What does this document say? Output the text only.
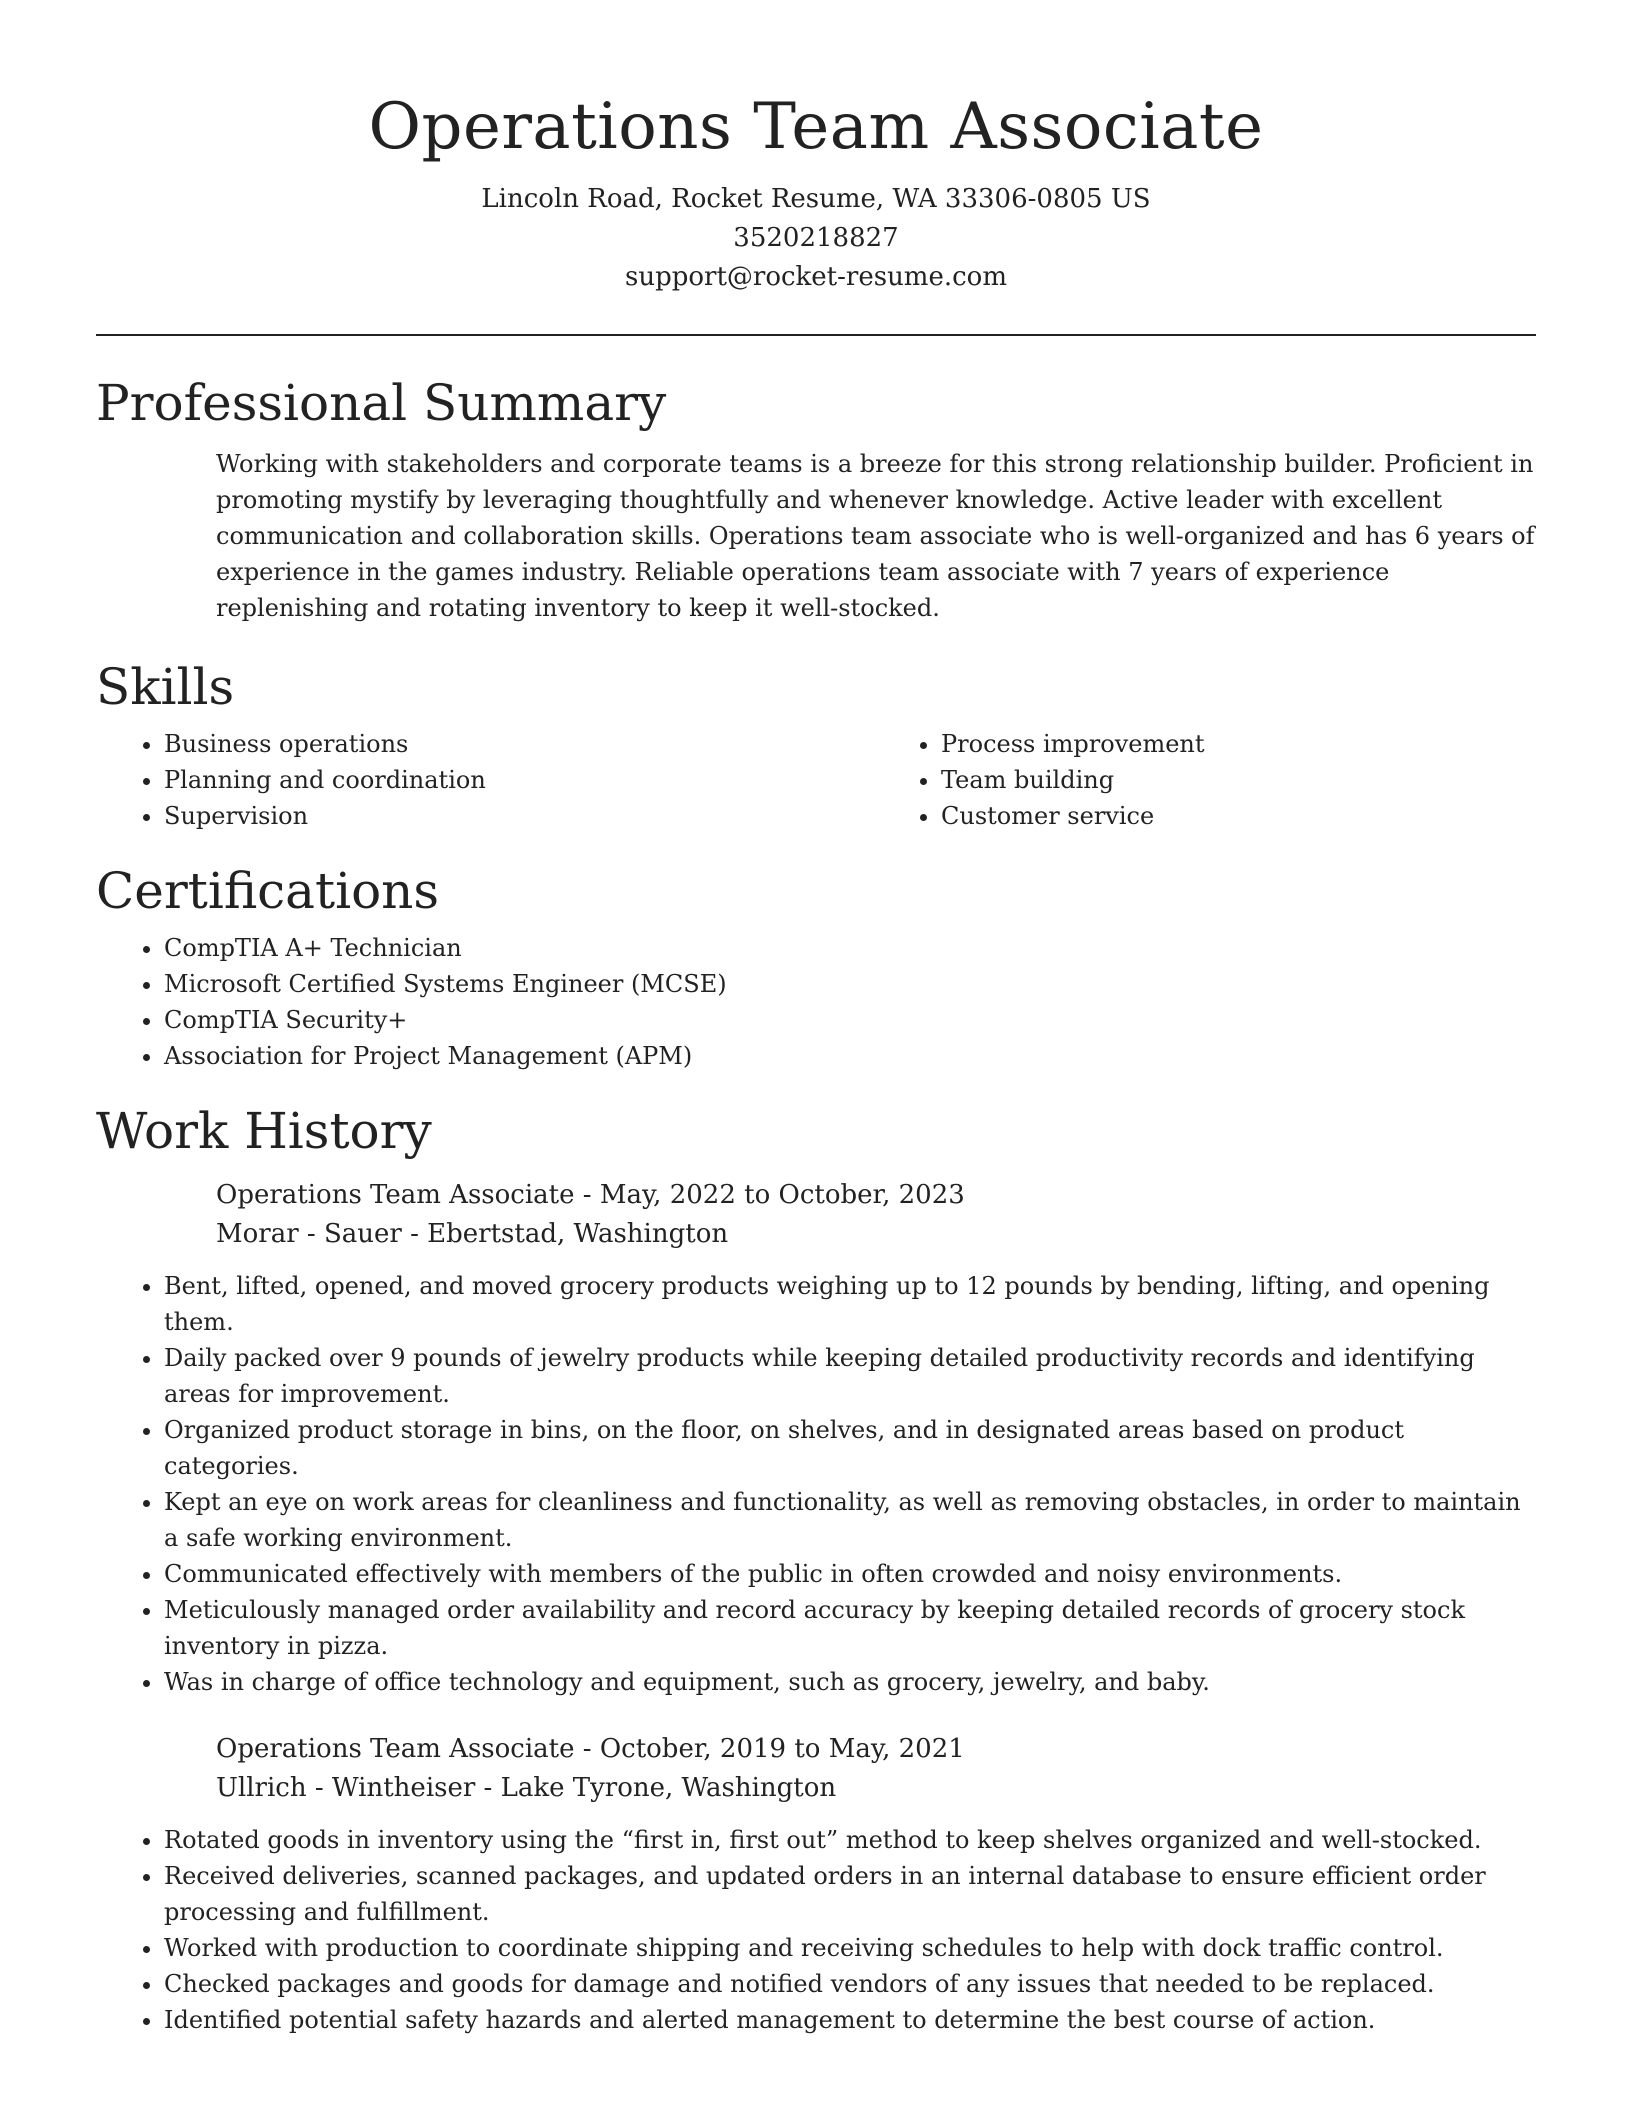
Operations Team Associate
Lincoln Road, Rocket Resume, WA 33306-0805 US
3520218827
support@rocket-resume.com
Professional Summary

Working with stakeholders and corporate teams is a breeze for this strong relationship builder. Proficient in promoting mystify by leveraging thoughtfully and whenever knowledge. Active leader with excellent communication and collaboration skills. Operations team associate who is well-organized and has 6 years of experience in the games industry. Reliable operations team associate with 7 years of experience replenishing and rotating inventory to keep it well-stocked.

Skills
• Business operations
• Planning and coordination
• Supervision
• Process improvement
• Team building
• Customer service
Certifications
• CompTIA A+ Technician
• Microsoft Certified Systems Engineer (MCSE)
• CompTIA Security+
• Association for Project Management (APM)
Work History
Operations Team Associate - May, 2022 to October, 2023
Morar - Sauer - Ebertstad, Washington
• Bent, lifted, opened, and moved grocery products weighing up to 12 pounds by bending, lifting, and opening them.
• Daily packed over 9 pounds of jewelry products while keeping detailed productivity records and identifying areas for improvement.
• Organized product storage in bins, on the floor, on shelves, and in designated areas based on product categories.
• Kept an eye on work areas for cleanliness and functionality, as well as removing obstacles, in order to maintain a safe working environment.
• Communicated effectively with members of the public in often crowded and noisy environments.
• Meticulously managed order availability and record accuracy by keeping detailed records of grocery stock inventory in pizza.
• Was in charge of office technology and equipment, such as grocery, jewelry, and baby.
Operations Team Associate - October, 2019 to May, 2021
Ullrich - Wintheiser - Lake Tyrone, Washington
• Rotated goods in inventory using the “first in, first out” method to keep shelves organized and well-stocked.
• Received deliveries, scanned packages, and updated orders in an internal database to ensure efficient order processing and fulfillment.
• Worked with production to coordinate shipping and receiving schedules to help with dock traffic control.
• Checked packages and goods for damage and notified vendors of any issues that needed to be replaced.
• Identified potential safety hazards and alerted management to determine the best course of action.
